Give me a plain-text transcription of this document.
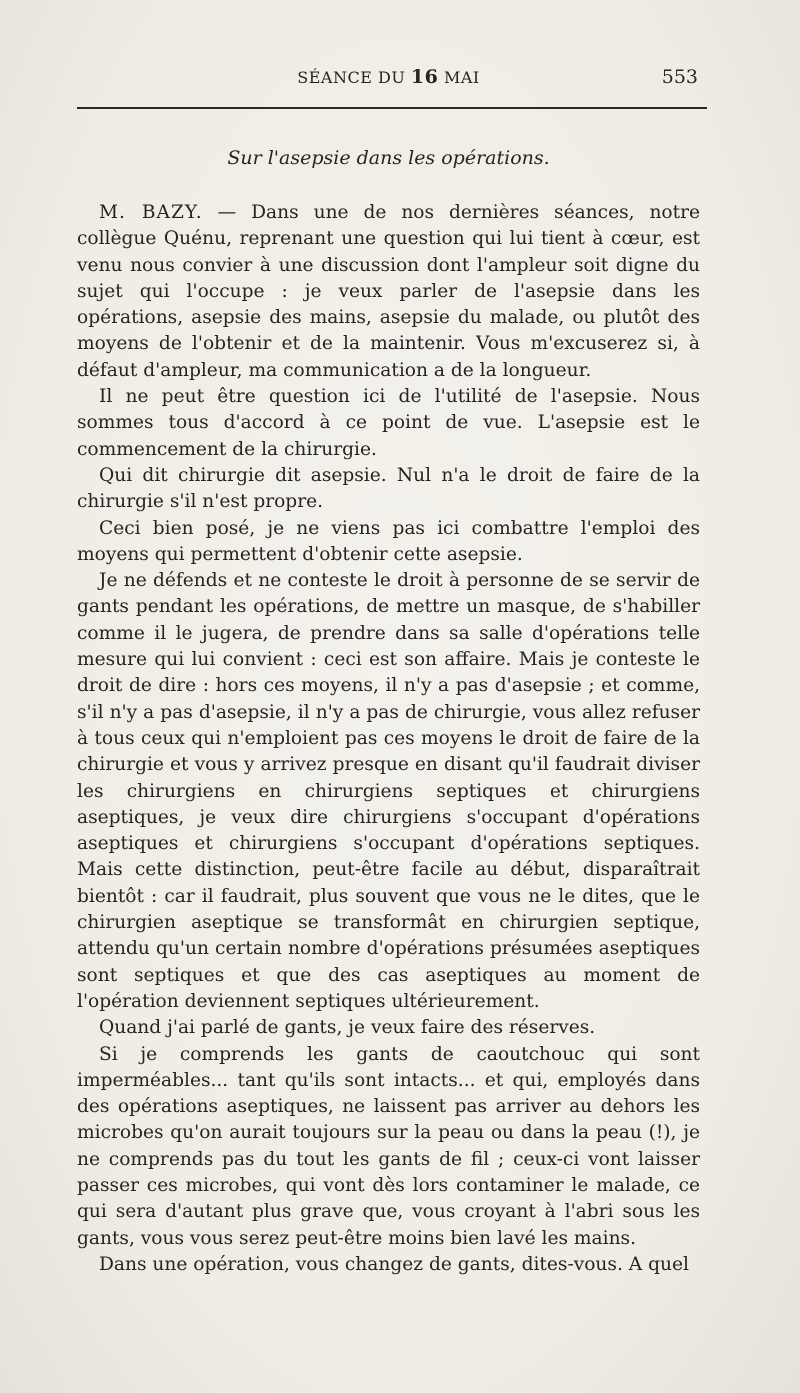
SÉANCE DU 16 MAI	553
Sur l'asepsie dans les opérations.

M. BAZY. — Dans une de nos dernières séances, notre collègue Quénu, reprenant une question qui lui tient à cœur, est venu nous convier à une discussion dont l'ampleur soit digne du sujet qui l'occupe : je veux parler de l'asepsie dans les opérations, asepsie des mains, asepsie du malade, ou plutôt des moyens de l'obtenir et de la maintenir. Vous m'excuserez si, à défaut d'ampleur, ma communication a de la longueur.

Il ne peut être question ici de l'utilité de l'asepsie. Nous sommes tous d'accord à ce point de vue. L'asepsie est le commencement de la chirurgie.

Qui dit chirurgie dit asepsie. Nul n'a le droit de faire de la chirurgie s'il n'est propre.

Ceci bien posé, je ne viens pas ici combattre l'emploi des moyens qui permettent d'obtenir cette asepsie.

Je ne défends et ne conteste le droit à personne de se servir de gants pendant les opérations, de mettre un masque, de s'habiller comme il le jugera, de prendre dans sa salle d'opérations telle mesure qui lui convient : ceci est son affaire. Mais je conteste le droit de dire : hors ces moyens, il n'y a pas d'asepsie ; et comme, s'il n'y a pas d'asepsie, il n'y a pas de chirurgie, vous allez refuser à tous ceux qui n'emploient pas ces moyens le droit de faire de la chirurgie et vous y arrivez presque en disant qu'il faudrait diviser les chirurgiens en chirurgiens septiques et chirurgiens aseptiques, je veux dire chirurgiens s'occupant d'opérations aseptiques et chirurgiens s'occupant d'opérations septiques. Mais cette distinction, peut-être facile au début, disparaîtrait bientôt : car il faudrait, plus souvent que vous ne le dites, que le chirurgien aseptique se transformât en chirurgien septique, attendu qu'un certain nombre d'opérations présumées aseptiques sont septiques et que des cas aseptiques au moment de l'opération deviennent septiques ultérieurement.

Quand j'ai parlé de gants, je veux faire des réserves.

Si je comprends les gants de caoutchouc qui sont imperméables... tant qu'ils sont intacts... et qui, employés dans des opérations aseptiques, ne laissent pas arriver au dehors les microbes qu'on aurait toujours sur la peau ou dans la peau (!), je ne comprends pas du tout les gants de fil ; ceux-ci vont laisser passer ces microbes, qui vont dès lors contaminer le malade, ce qui sera d'autant plus grave que, vous croyant à l'abri sous les gants, vous vous serez peut-être moins bien lavé les mains.

Dans une opération, vous changez de gants, dites-vous. A quel
